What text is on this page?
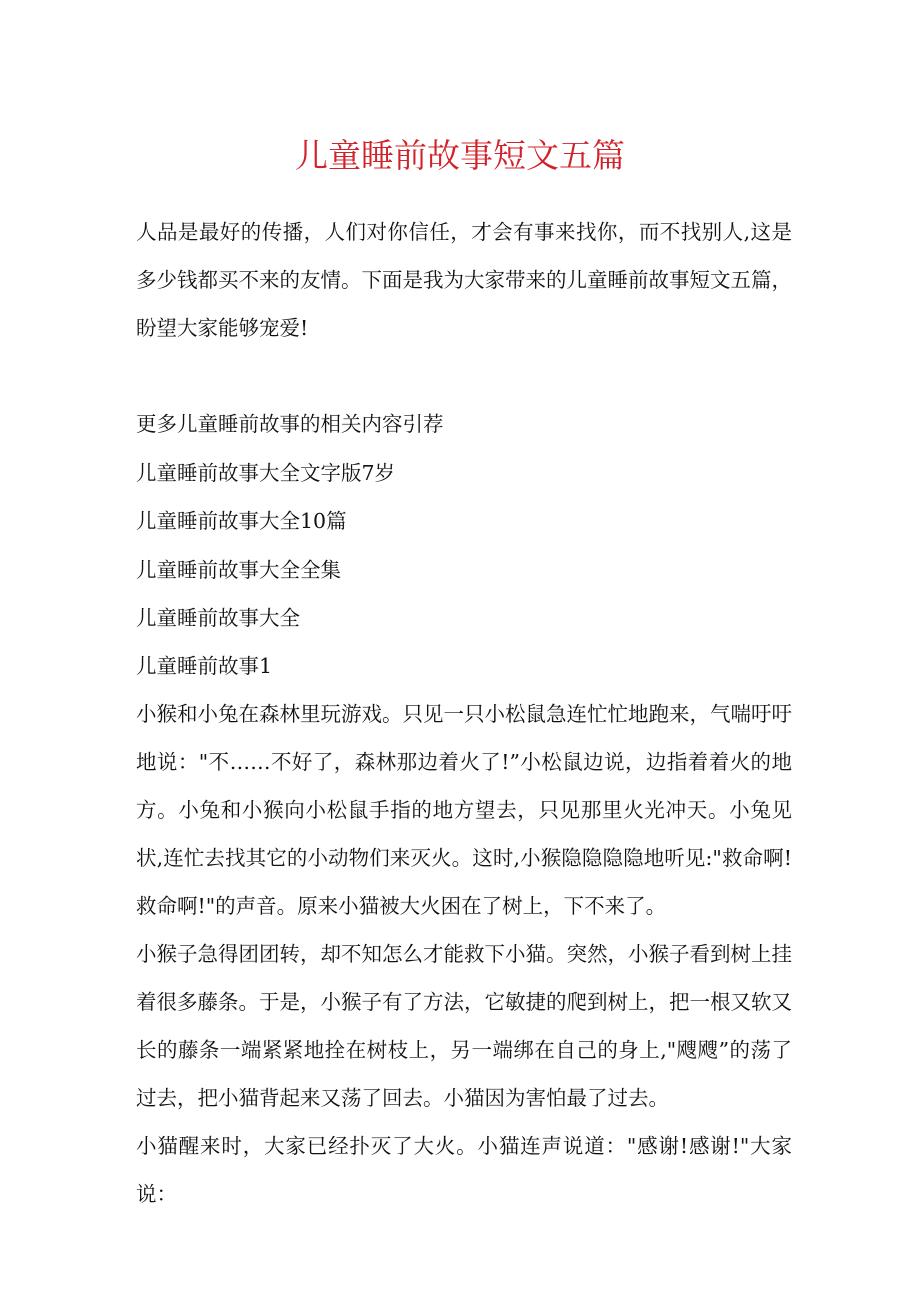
儿童睡前故事短文五篇

人品是最好的传播，人们对你信任，才会有事来找你，而不找别人,这是多少钱都买不来的友情。下面是我为大家带来的儿童睡前故事短文五篇，盼望大家能够宠爱!

更多儿童睡前故事的相关内容引荐
儿童睡前故事大全文字版7岁
儿童睡前故事大全10篇
儿童睡前故事大全全集
儿童睡前故事大全
儿童睡前故事1

小猴和小兔在森林里玩游戏。只见一只小松鼠急连忙忙地跑来，气喘吁吁地说："不……不好了，森林那边着火了!”小松鼠边说，边指着着火的地方。小兔和小猴向小松鼠手指的地方望去，只见那里火光冲天。小兔见状,连忙去找其它的小动物们来灭火。这时,小猴隐隐隐隐地听见:"救命啊!救命啊!"的声音。原来小猫被大火困在了树上，下不来了。

小猴子急得团团转，却不知怎么才能救下小猫。突然，小猴子看到树上挂着很多藤条。于是，小猴子有了方法，它敏捷的爬到树上，把一根又软又长的藤条一端紧紧地拴在树枝上，另一端绑在自己的身上,"飕飕”的荡了过去，把小猫背起来又荡了回去。小猫因为害怕最了过去。

小猫醒来时，大家已经扑灭了大火。小猫连声说道："感谢!感谢!"大家说：
